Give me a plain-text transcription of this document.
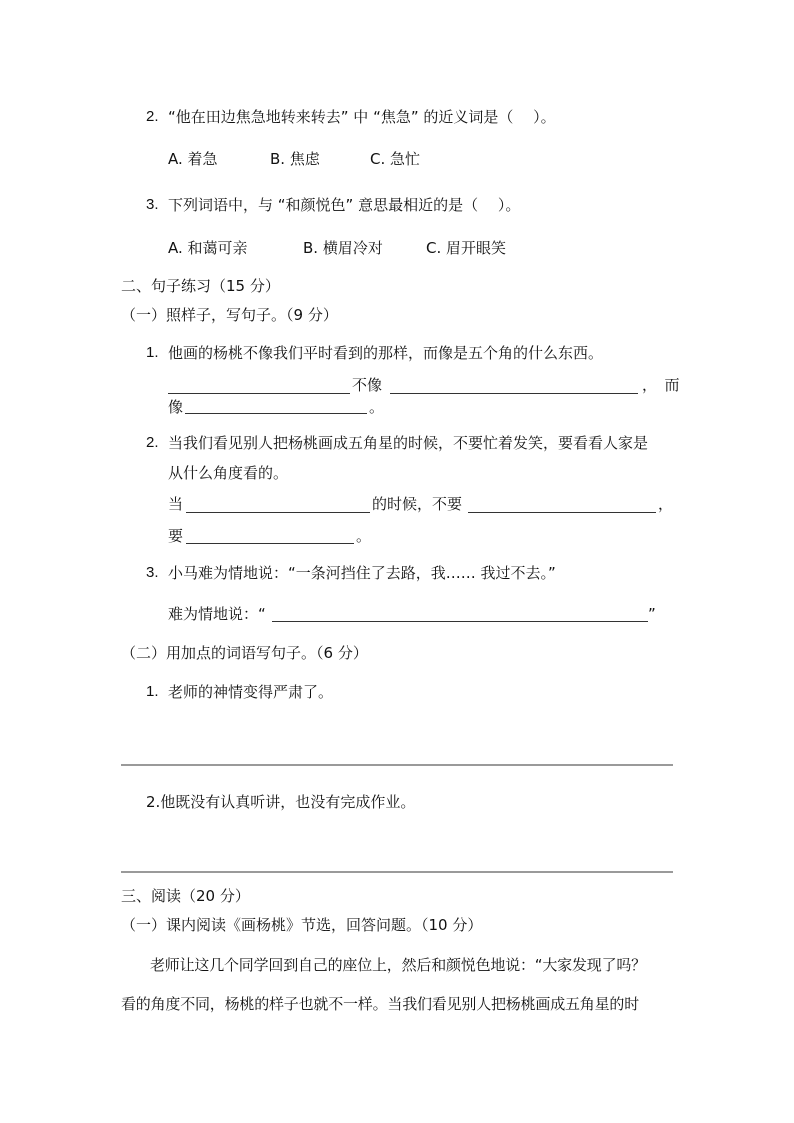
2. “他在田边焦急地转来转去” 中 “焦急” 的近义词是（　 ）。
A. 着急	B. 焦虑	C. 急忙
3. 下列词语中，与 “和颜悦色” 意思最相近的是（　 ）。
A. 和蔼可亲	B. 横眉冷对	C. 眉开眼笑
二、句子练习（15 分）
（一）照样子，写句子。（9 分）
1. 他画的杨桃不像我们平时看到的那样，而像是五个角的什么东西。
不像	，　而
像	。
2. 当我们看见别人把杨桃画成五角星的时候，不要忙着发笑，要看看人家是
从什么角度看的。
当	的时候，不要	，
要	。
3. 小马难为情地说：“一条河挡住了去路，我…… 我过不去。”
难为情地说：“	”
（二）用加点的词语写句子。（6 分）
1. 老师的神情变得严肃了。
2.他既没有认真听讲，也没有完成作业。
三、阅读（20 分）
（一）课内阅读《画杨桃》节选，回答问题。（10 分）
老师让这几个同学回到自己的座位上，然后和颜悦色地说：“大家发现了吗？
看的角度不同，杨桃的样子也就不一样。当我们看见别人把杨桃画成五角星的时
